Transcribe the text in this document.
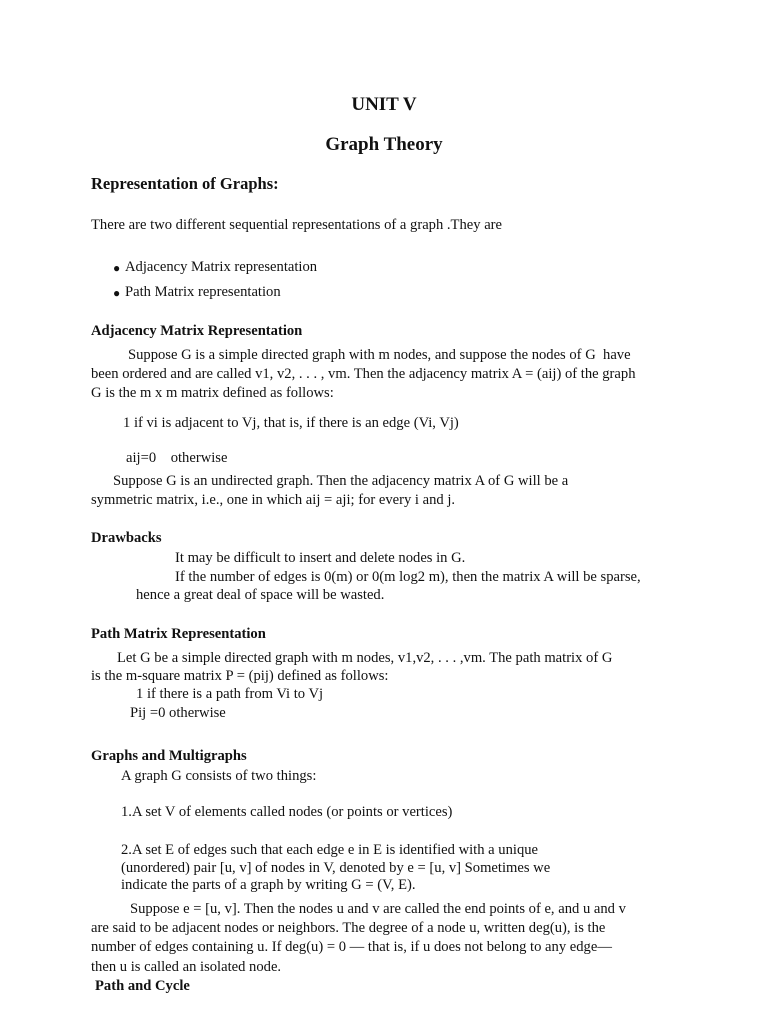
UNIT V
Graph Theory
Representation of Graphs:
There are two different sequential representations of a graph .They are
● Adjacency Matrix representation
● Path Matrix representation
Adjacency Matrix Representation
Suppose G is a simple directed graph with m nodes, and suppose the nodes of G  have
been ordered and are called v1, v2, . . . , vm. Then the adjacency matrix A = (aij) of the graph
G is the m x m matrix defined as follows:
1 if vi is adjacent to Vj, that is, if there is an edge (Vi, Vj)
aij=0    otherwise
Suppose G is an undirected graph. Then the adjacency matrix A of G will be a
symmetric matrix, i.e., one in which aij = aji; for every i and j.
Drawbacks
It may be difficult to insert and delete nodes in G.
If the number of edges is 0(m) or 0(m log2 m), then the matrix A will be sparse,
hence a great deal of space will be wasted.
Path Matrix Representation
Let G be a simple directed graph with m nodes, v1,v2, . . . ,vm. The path matrix of G
is the m-square matrix P = (pij) defined as follows:
1 if there is a path from Vi to Vj
Pij =0 otherwise
Graphs and Multigraphs
A graph G consists of two things:
1.A set V of elements called nodes (or points or vertices)
2.A set E of edges such that each edge e in E is identified with a unique
(unordered) pair [u, v] of nodes in V, denoted by e = [u, v] Sometimes we
indicate the parts of a graph by writing G = (V, E).
Suppose e = [u, v]. Then the nodes u and v are called the end points of e, and u and v
are said to be adjacent nodes or neighbors. The degree of a node u, written deg(u), is the
number of edges containing u. If deg(u) = 0 — that is, if u does not belong to any edge—
then u is called an isolated node.
Path and Cycle
